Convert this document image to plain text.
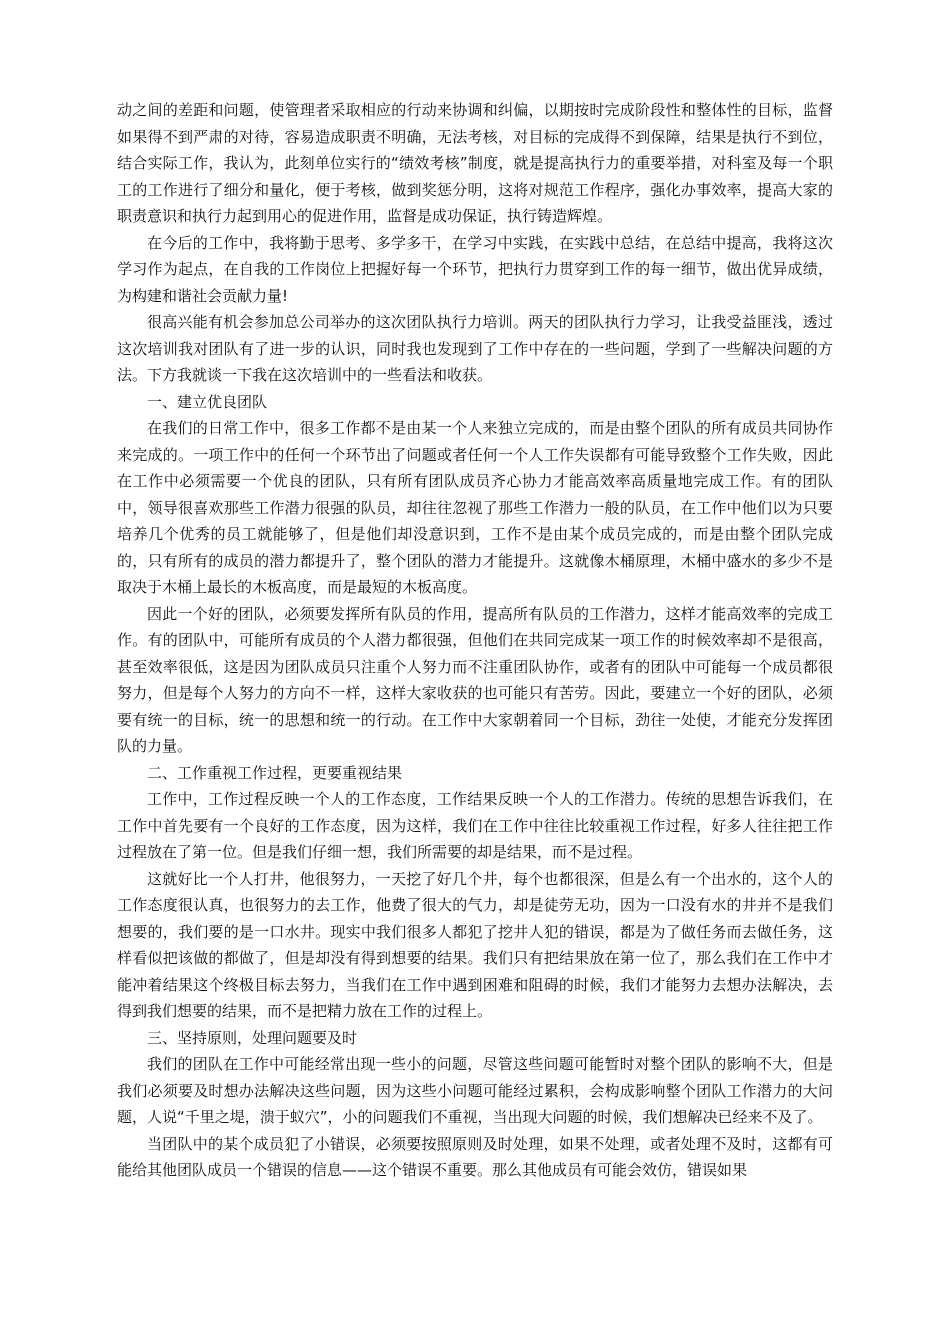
动之间的差距和问题，使管理者采取相应的行动来协调和纠偏，以期按时完成阶段性和整体性的目标，监督如果得不到严肃的对待，容易造成职责不明确，无法考核，对目标的完成得不到保障，结果是执行不到位，结合实际工作，我认为，此刻单位实行的“绩效考核”制度，就是提高执行力的重要举措，对科室及每一个职工的工作进行了细分和量化，便于考核，做到奖惩分明，这将对规范工作程序，强化办事效率，提高大家的职责意识和执行力起到用心的促进作用，监督是成功保证，执行铸造辉煌。

在今后的工作中，我将勤于思考、多学多干，在学习中实践，在实践中总结，在总结中提高，我将这次学习作为起点，在自我的工作岗位上把握好每一个环节，把执行力贯穿到工作的每一细节，做出优异成绩，为构建和谐社会贡献力量!

很高兴能有机会参加总公司举办的这次团队执行力培训。两天的团队执行力学习，让我受益匪浅，透过这次培训我对团队有了进一步的认识，同时我也发现到了工作中存在的一些问题，学到了一些解决问题的方法。下方我就谈一下我在这次培训中的一些看法和收获。

一、建立优良团队

在我们的日常工作中，很多工作都不是由某一个人来独立完成的，而是由整个团队的所有成员共同协作来完成的。一项工作中的任何一个环节出了问题或者任何一个人工作失误都有可能导致整个工作失败，因此在工作中必须需要一个优良的团队，只有所有团队成员齐心协力才能高效率高质量地完成工作。有的团队中，领导很喜欢那些工作潜力很强的队员，却往往忽视了那些工作潜力一般的队员，在工作中他们以为只要培养几个优秀的员工就能够了，但是他们却没意识到，工作不是由某个成员完成的，而是由整个团队完成的，只有所有的成员的潜力都提升了，整个团队的潜力才能提升。这就像木桶原理，木桶中盛水的多少不是取决于木桶上最长的木板高度，而是最短的木板高度。

因此一个好的团队，必须要发挥所有队员的作用，提高所有队员的工作潜力，这样才能高效率的完成工作。有的团队中，可能所有成员的个人潜力都很强，但他们在共同完成某一项工作的时候效率却不是很高，甚至效率很低，这是因为团队成员只注重个人努力而不注重团队协作，或者有的团队中可能每一个成员都很努力，但是每个人努力的方向不一样，这样大家收获的也可能只有苦劳。因此，要建立一个好的团队，必须要有统一的目标，统一的思想和统一的行动。在工作中大家朝着同一个目标，劲往一处使，才能充分发挥团队的力量。

二、工作重视工作过程，更要重视结果

工作中，工作过程反映一个人的工作态度，工作结果反映一个人的工作潜力。传统的思想告诉我们，在工作中首先要有一个良好的工作态度，因为这样，我们在工作中往往比较重视工作过程，好多人往往把工作过程放在了第一位。但是我们仔细一想，我们所需要的却是结果，而不是过程。

这就好比一个人打井，他很努力，一天挖了好几个井，每个也都很深，但是么有一个出水的，这个人的工作态度很认真，也很努力的去工作，他费了很大的气力，却是徒劳无功，因为一口没有水的井并不是我们想要的，我们要的是一口水井。现实中我们很多人都犯了挖井人犯的错误，都是为了做任务而去做任务，这样看似把该做的都做了，但是却没有得到想要的结果。我们只有把结果放在第一位了，那么我们在工作中才能冲着结果这个终极目标去努力，当我们在工作中遇到困难和阻碍的时候，我们才能努力去想办法解决，去得到我们想要的结果，而不是把精力放在工作的过程上。

三、坚持原则，处理问题要及时

我们的团队在工作中可能经常出现一些小的问题，尽管这些问题可能暂时对整个团队的影响不大，但是我们必须要及时想办法解决这些问题，因为这些小问题可能经过累积，会构成影响整个团队工作潜力的大问题，人说“千里之堤，溃于蚁穴”，小的问题我们不重视，当出现大问题的时候，我们想解决已经来不及了。

当团队中的某个成员犯了小错误，必须要按照原则及时处理，如果不处理，或者处理不及时，这都有可能给其他团队成员一个错误的信息——这个错误不重要。那么其他成员有可能会效仿，错误如果
